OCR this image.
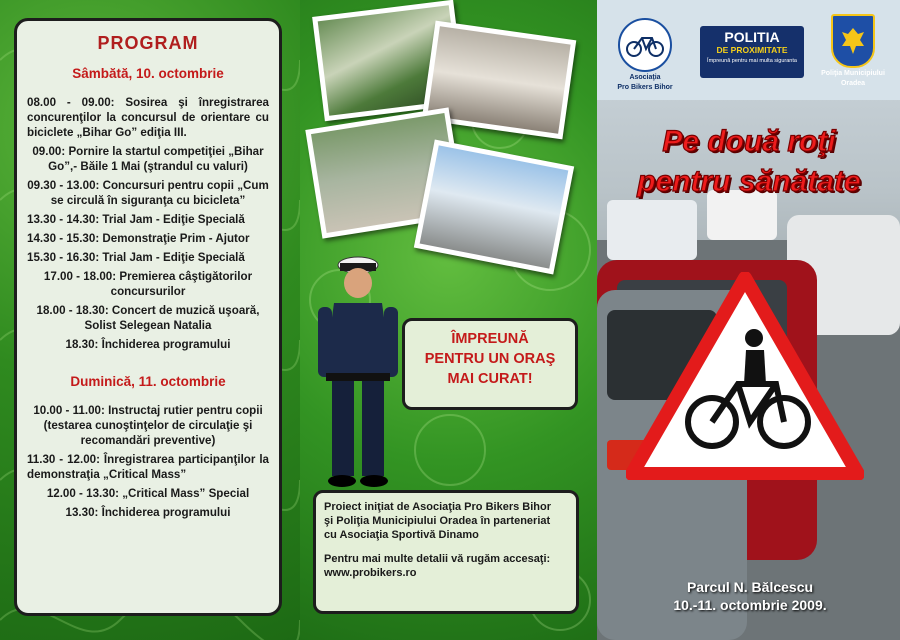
PROGRAM
Sâmbătă, 10. octombrie
08.00 - 09.00: Sosirea şi înregistrarea concurenţilor la concursul de orientare cu biciclete „Bihar Go” ediţia III.
09.00: Pornire la startul competiţiei „Bihar Go”,- Băile 1 Mai (ştrandul cu valuri)
09.30 - 13.00: Concursuri pentru copii „Cum se circulă în siguranţa cu bicicleta”
13.30 - 14.30: Trial Jam - Ediţie Specială
14.30 - 15.30: Demonstraţie Prim - Ajutor
15.30 - 16.30: Trial Jam - Ediţie Specială
17.00 - 18.00: Premierea câştigătorilor concursurilor
18.00 - 18.30: Concert de muzică uşoară, Solist Selegean Natalia
18.30: Închiderea programului
Duminică, 11. octombrie
10.00 - 11.00: Instructaj rutier pentru copii (testarea cunoştinţelor de circulaţie şi recomandări preventive)
11.30 - 12.00: Înregistrarea participanţilor la demonstraţia „Critical Mass”
12.00 - 13.30: „Critical Mass” Special
13.30: Închiderea programului
ÎMPREUNĂ
PENTRU UN ORAŞ
MAI CURAT!
Proiect iniţiat de Asociaţia Pro Bikers Bihor
şi Poliţia Municipiului Oradea în parteneriat
cu Asociaţia Sportivă Dinamo
Pentru mai multe detalii vă rugăm accesaţi:
www.probikers.ro
Asociaţia
Pro Bikers Bihor
POLITIA
DE PROXIMITATE
Împreună pentru mai multa siguranta
Poliţia Municipiului
Oradea
Pe două roţi
pentru sănătate
Parcul N. Bălcescu
10.-11. octombrie 2009.
